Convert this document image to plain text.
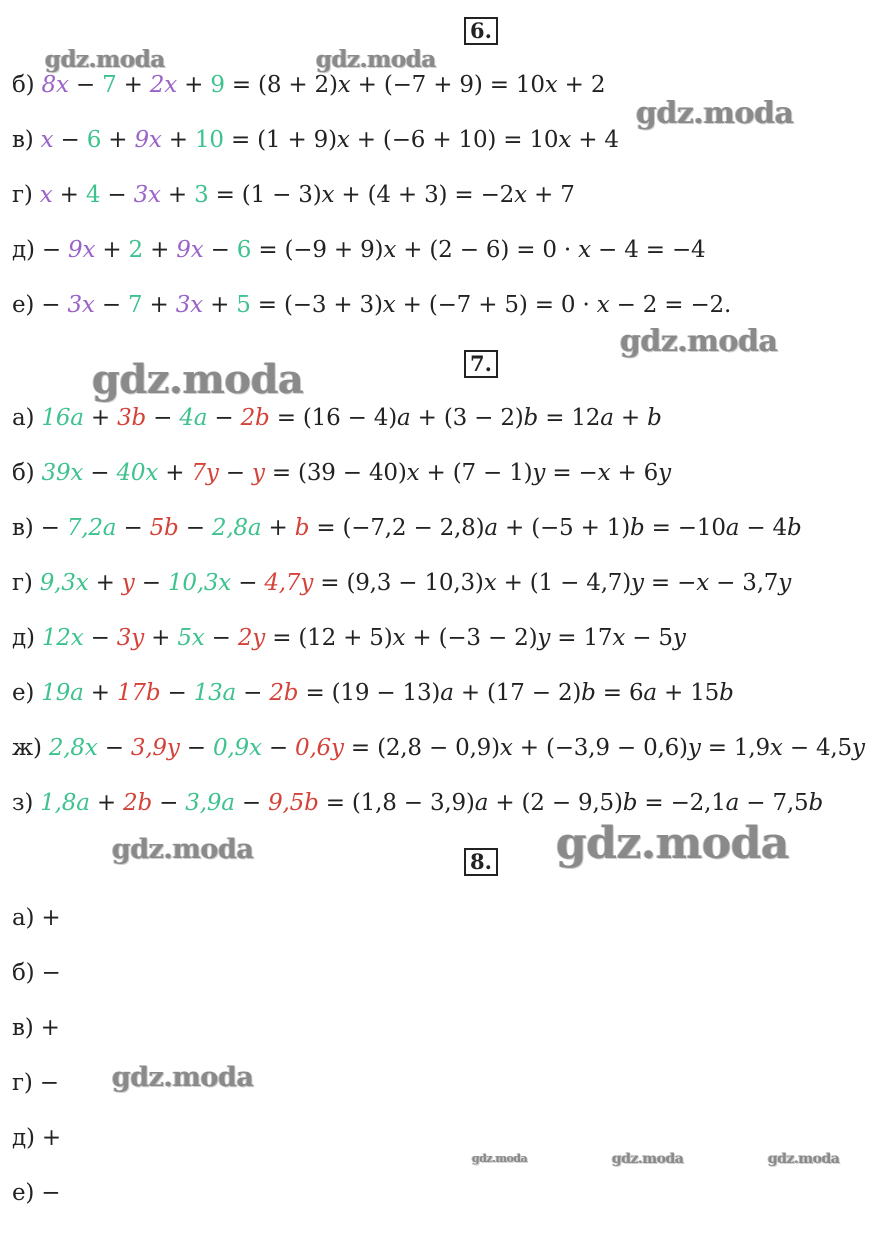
6.
7.
8.
gdz.moda	gdz.moda
gdz.moda
gdz.moda
gdz.moda
gdz.moda	gdz.moda
gdz.moda
gdz.moda	gdz.moda	gdz.moda
б) 8x − 7 + 2x + 9 = (8 + 2)x + (−7 + 9) = 10x + 2
в) x − 6 + 9x + 10 = (1 + 9)x + (−6 + 10) = 10x + 4
г) x + 4 − 3x + 3 = (1 − 3)x + (4 + 3) = −2x + 7
д) − 9x + 2 + 9x − 6 = (−9 + 9)x + (2 − 6) = 0 · x − 4 = −4
е) − 3x − 7 + 3x + 5 = (−3 + 3)x + (−7 + 5) = 0 · x − 2 = −2.
а) 16a + 3b − 4a − 2b = (16 − 4)a + (3 − 2)b = 12a + b
б) 39x − 40x + 7y − y = (39 − 40)x + (7 − 1)y = −x + 6y
в) − 7,2a − 5b − 2,8a + b = (−7,2 − 2,8)a + (−5 + 1)b = −10a − 4b
г) 9,3x + y − 10,3x − 4,7y = (9,3 − 10,3)x + (1 − 4,7)y = −x − 3,7y
д) 12x − 3y + 5x − 2y = (12 + 5)x + (−3 − 2)y = 17x − 5y
е) 19a + 17b − 13a − 2b = (19 − 13)a + (17 − 2)b = 6a + 15b
ж) 2,8x − 3,9y − 0,9x − 0,6y = (2,8 − 0,9)x + (−3,9 − 0,6)y = 1,9x − 4,5y
з) 1,8a + 2b − 3,9a − 9,5b = (1,8 − 3,9)a + (2 − 9,5)b = −2,1a − 7,5b
а) +
б) −
в) +
г) −
д) +
е) −
